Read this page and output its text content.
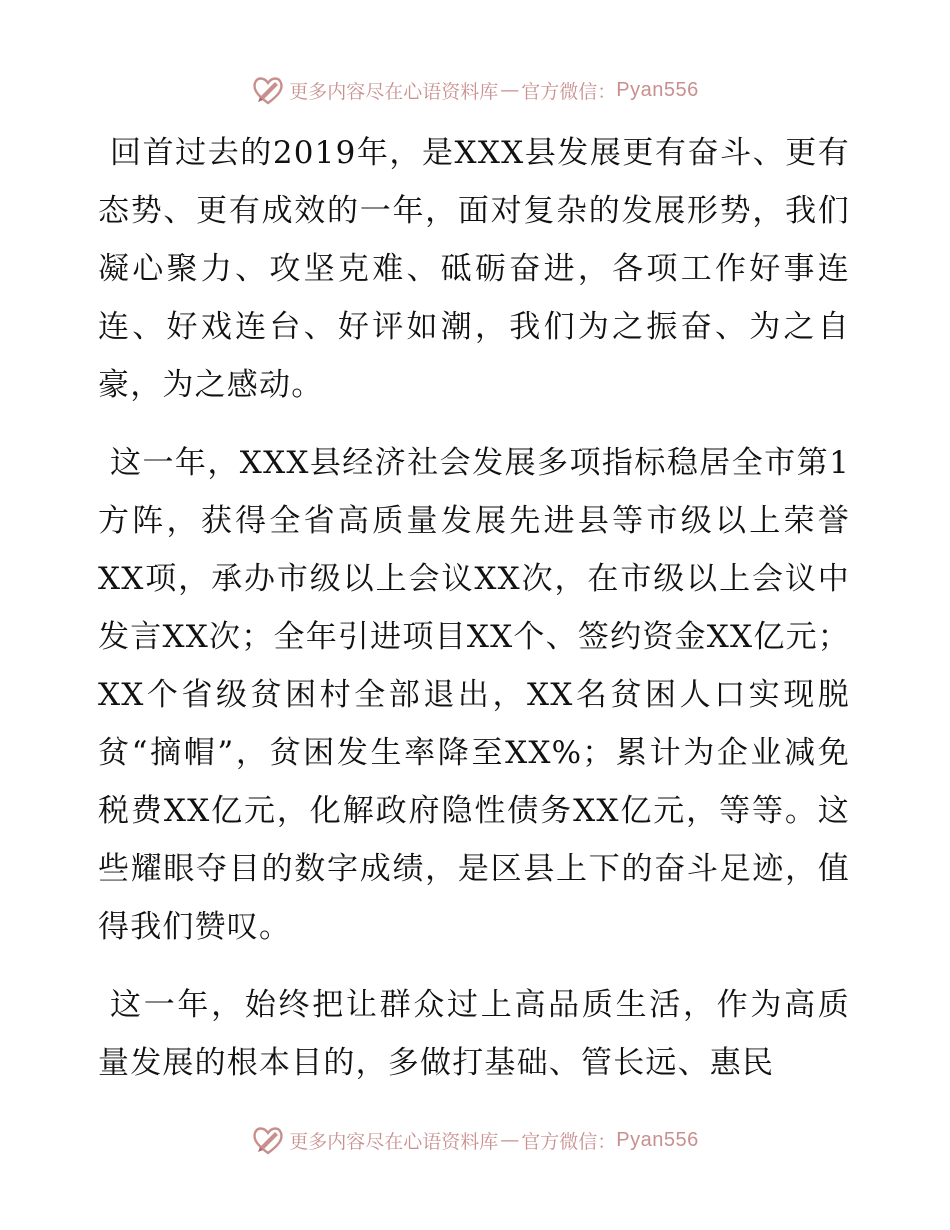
更多内容尽在心语资料库 — 官方微信： Pyan556

回首过去的2019年，是XXX县发展更有奋斗、更有态势、更有成效的一年，面对复杂的发展形势，我们凝心聚力、攻坚克难、砥砺奋进，各项工作好事连连、好戏连台、好评如潮，我们为之振奋、为之自豪，为之感动。

这一年，XXX县经济社会发展多项指标稳居全市第1方阵，获得全省高质量发展先进县等市级以上荣誉XX项，承办市级以上会议XX次，在市级以上会议中发言XX次；全年引进项目XX个、签约资金XX亿元；XX个省级贫困村全部退出，XX名贫困人口实现脱贫“摘帽”，贫困发生率降至XX%；累计为企业减免税费XX亿元，化解政府隐性债务XX亿元，等等。这些耀眼夺目的数字成绩，是区县上下的奋斗足迹，值得我们赞叹。

这一年，始终把让群众过上高品质生活，作为高质量发展的根本目的，多做打基础、管长远、惠民

更多内容尽在心语资料库 — 官方微信： Pyan556
